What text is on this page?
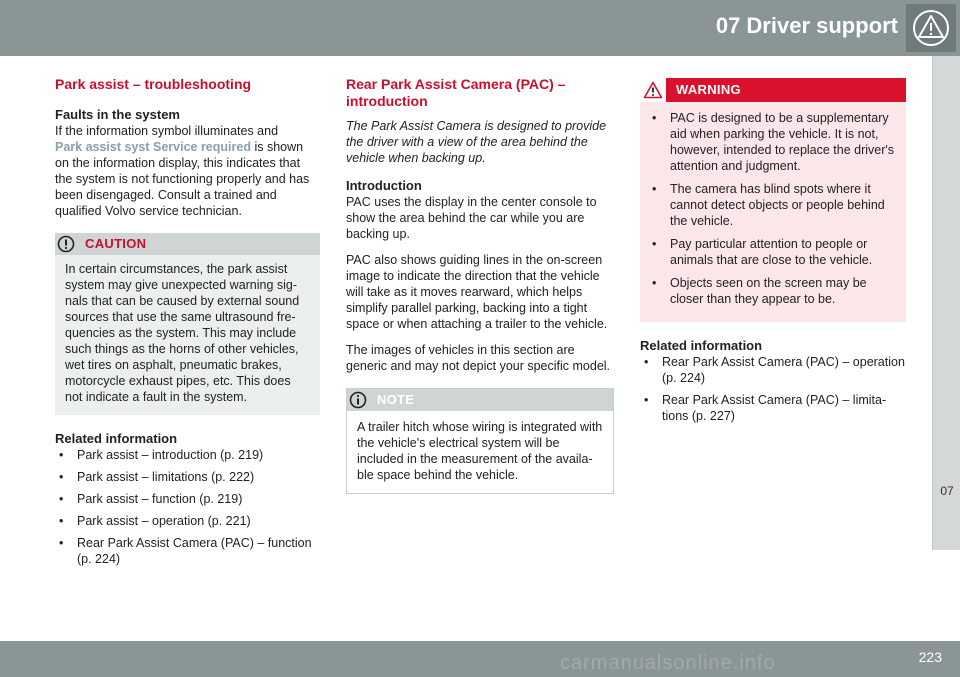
07 Driver support
07
Park assist – troubleshooting
Faults in the system

If the information symbol illuminates and
Park assist syst Service required is shown on the information display, this indicates that the system is not functioning properly and has been disengaged. Consult a trained and qualified Volvo service technician.

CAUTION
In certain circumstances, the park assist system may give unexpected warning signals that can be caused by external sound sources that use the same ultrasound frequencies as the system. This may include such things as the horns of other vehicles, wet tires on asphalt, pneumatic brakes, motorcycle exhaust pipes, etc. This does not indicate a fault in the system.
Related information
• Park assist – introduction (p. 219)
• Park assist – limitations (p. 222)
• Park assist – function (p. 219)
• Park assist – operation (p. 221)
• Rear Park Assist Camera (PAC) – function (p. 224)
Rear Park Assist Camera (PAC) – introduction

The Park Assist Camera is designed to provide the driver with a view of the area behind the vehicle when backing up.

Introduction

PAC uses the display in the center console to show the area behind the car while you are backing up.

PAC also shows guiding lines in the on-screen image to indicate the direction that the vehicle will take as it moves rearward, which helps simplify parallel parking, backing into a tight space or when attaching a trailer to the vehicle.

The images of vehicles in this section are generic and may not depict your specific model.

NOTE
A trailer hitch whose wiring is integrated with the vehicle's electrical system will be included in the measurement of the available space behind the vehicle.
WARNING
• PAC is designed to be a supplementary aid when parking the vehicle. It is not, however, intended to replace the driver's attention and judgment.
• The camera has blind spots where it cannot detect objects or people behind the vehicle.
• Pay particular attention to people or animals that are close to the vehicle.
• Objects seen on the screen may be closer than they appear to be.
Related information
• Rear Park Assist Camera (PAC) – operation (p. 224)
• Rear Park Assist Camera (PAC) – limitations (p. 227)
223
carmanualsonline.info
